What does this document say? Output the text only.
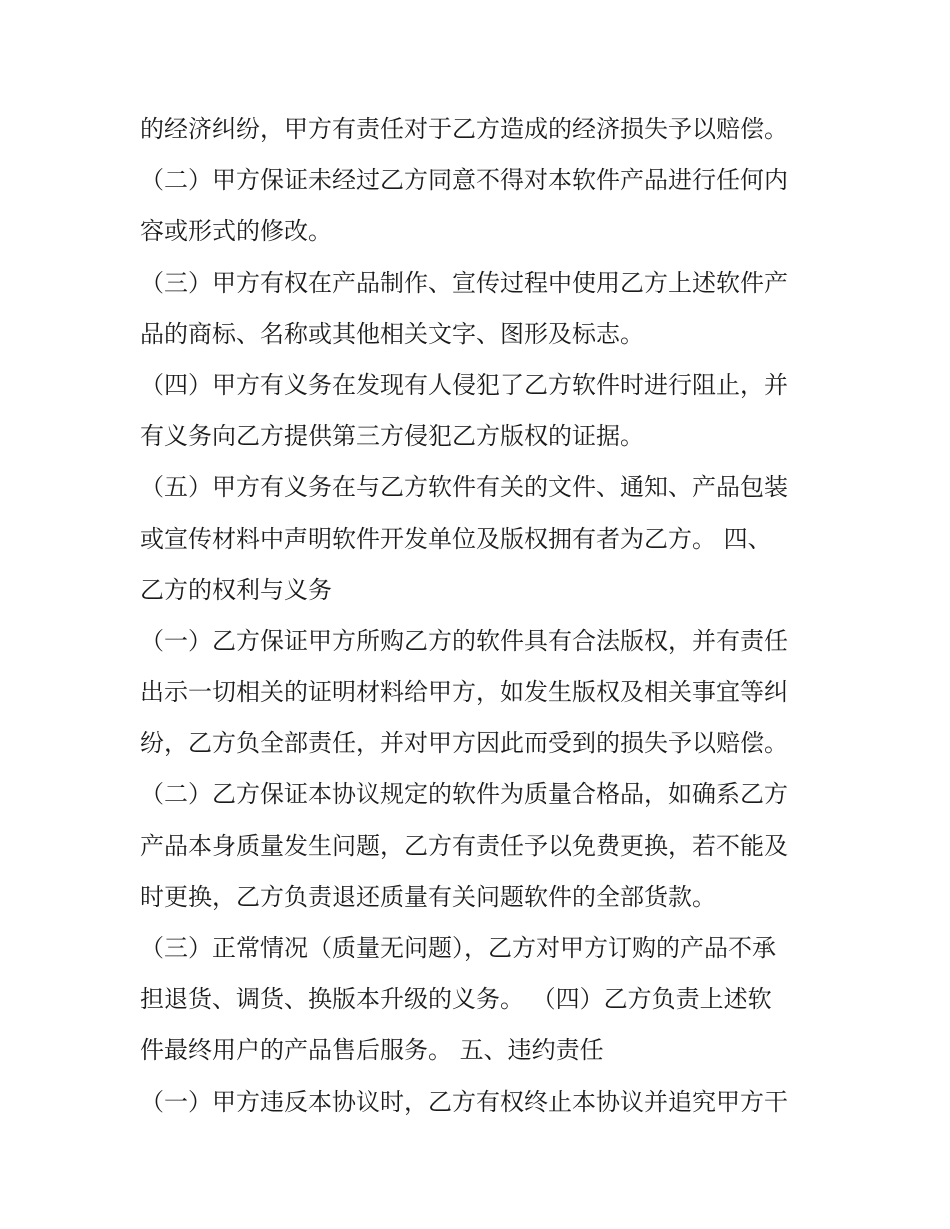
的经济纠纷，甲方有责任对于乙方造成的经济损失予以赔偿。
（二）甲方保证未经过乙方同意不得对本软件产品进行任何内
容或形式的修改。
（三）甲方有权在产品制作、宣传过程中使用乙方上述软件产
品的商标、名称或其他相关文字、图形及标志。
（四）甲方有义务在发现有人侵犯了乙方软件时进行阻止，并
有义务向乙方提供第三方侵犯乙方版权的证据。
（五）甲方有义务在与乙方软件有关的文件、通知、产品包装
或宣传材料中声明软件开发单位及版权拥有者为乙方。 四、
乙方的权利与义务
（一）乙方保证甲方所购乙方的软件具有合法版权，并有责任
出示一切相关的证明材料给甲方，如发生版权及相关事宜等纠
纷，乙方负全部责任，并对甲方因此而受到的损失予以赔偿。
（二）乙方保证本协议规定的软件为质量合格品，如确系乙方
产品本身质量发生问题，乙方有责任予以免费更换，若不能及
时更换，乙方负责退还质量有关问题软件的全部货款。
（三）正常情况（质量无问题），乙方对甲方订购的产品不承
担退货、调货、换版本升级的义务。 （四）乙方负责上述软
件最终用户的产品售后服务。 五、违约责任
（一）甲方违反本协议时，乙方有权终止本协议并追究甲方干
